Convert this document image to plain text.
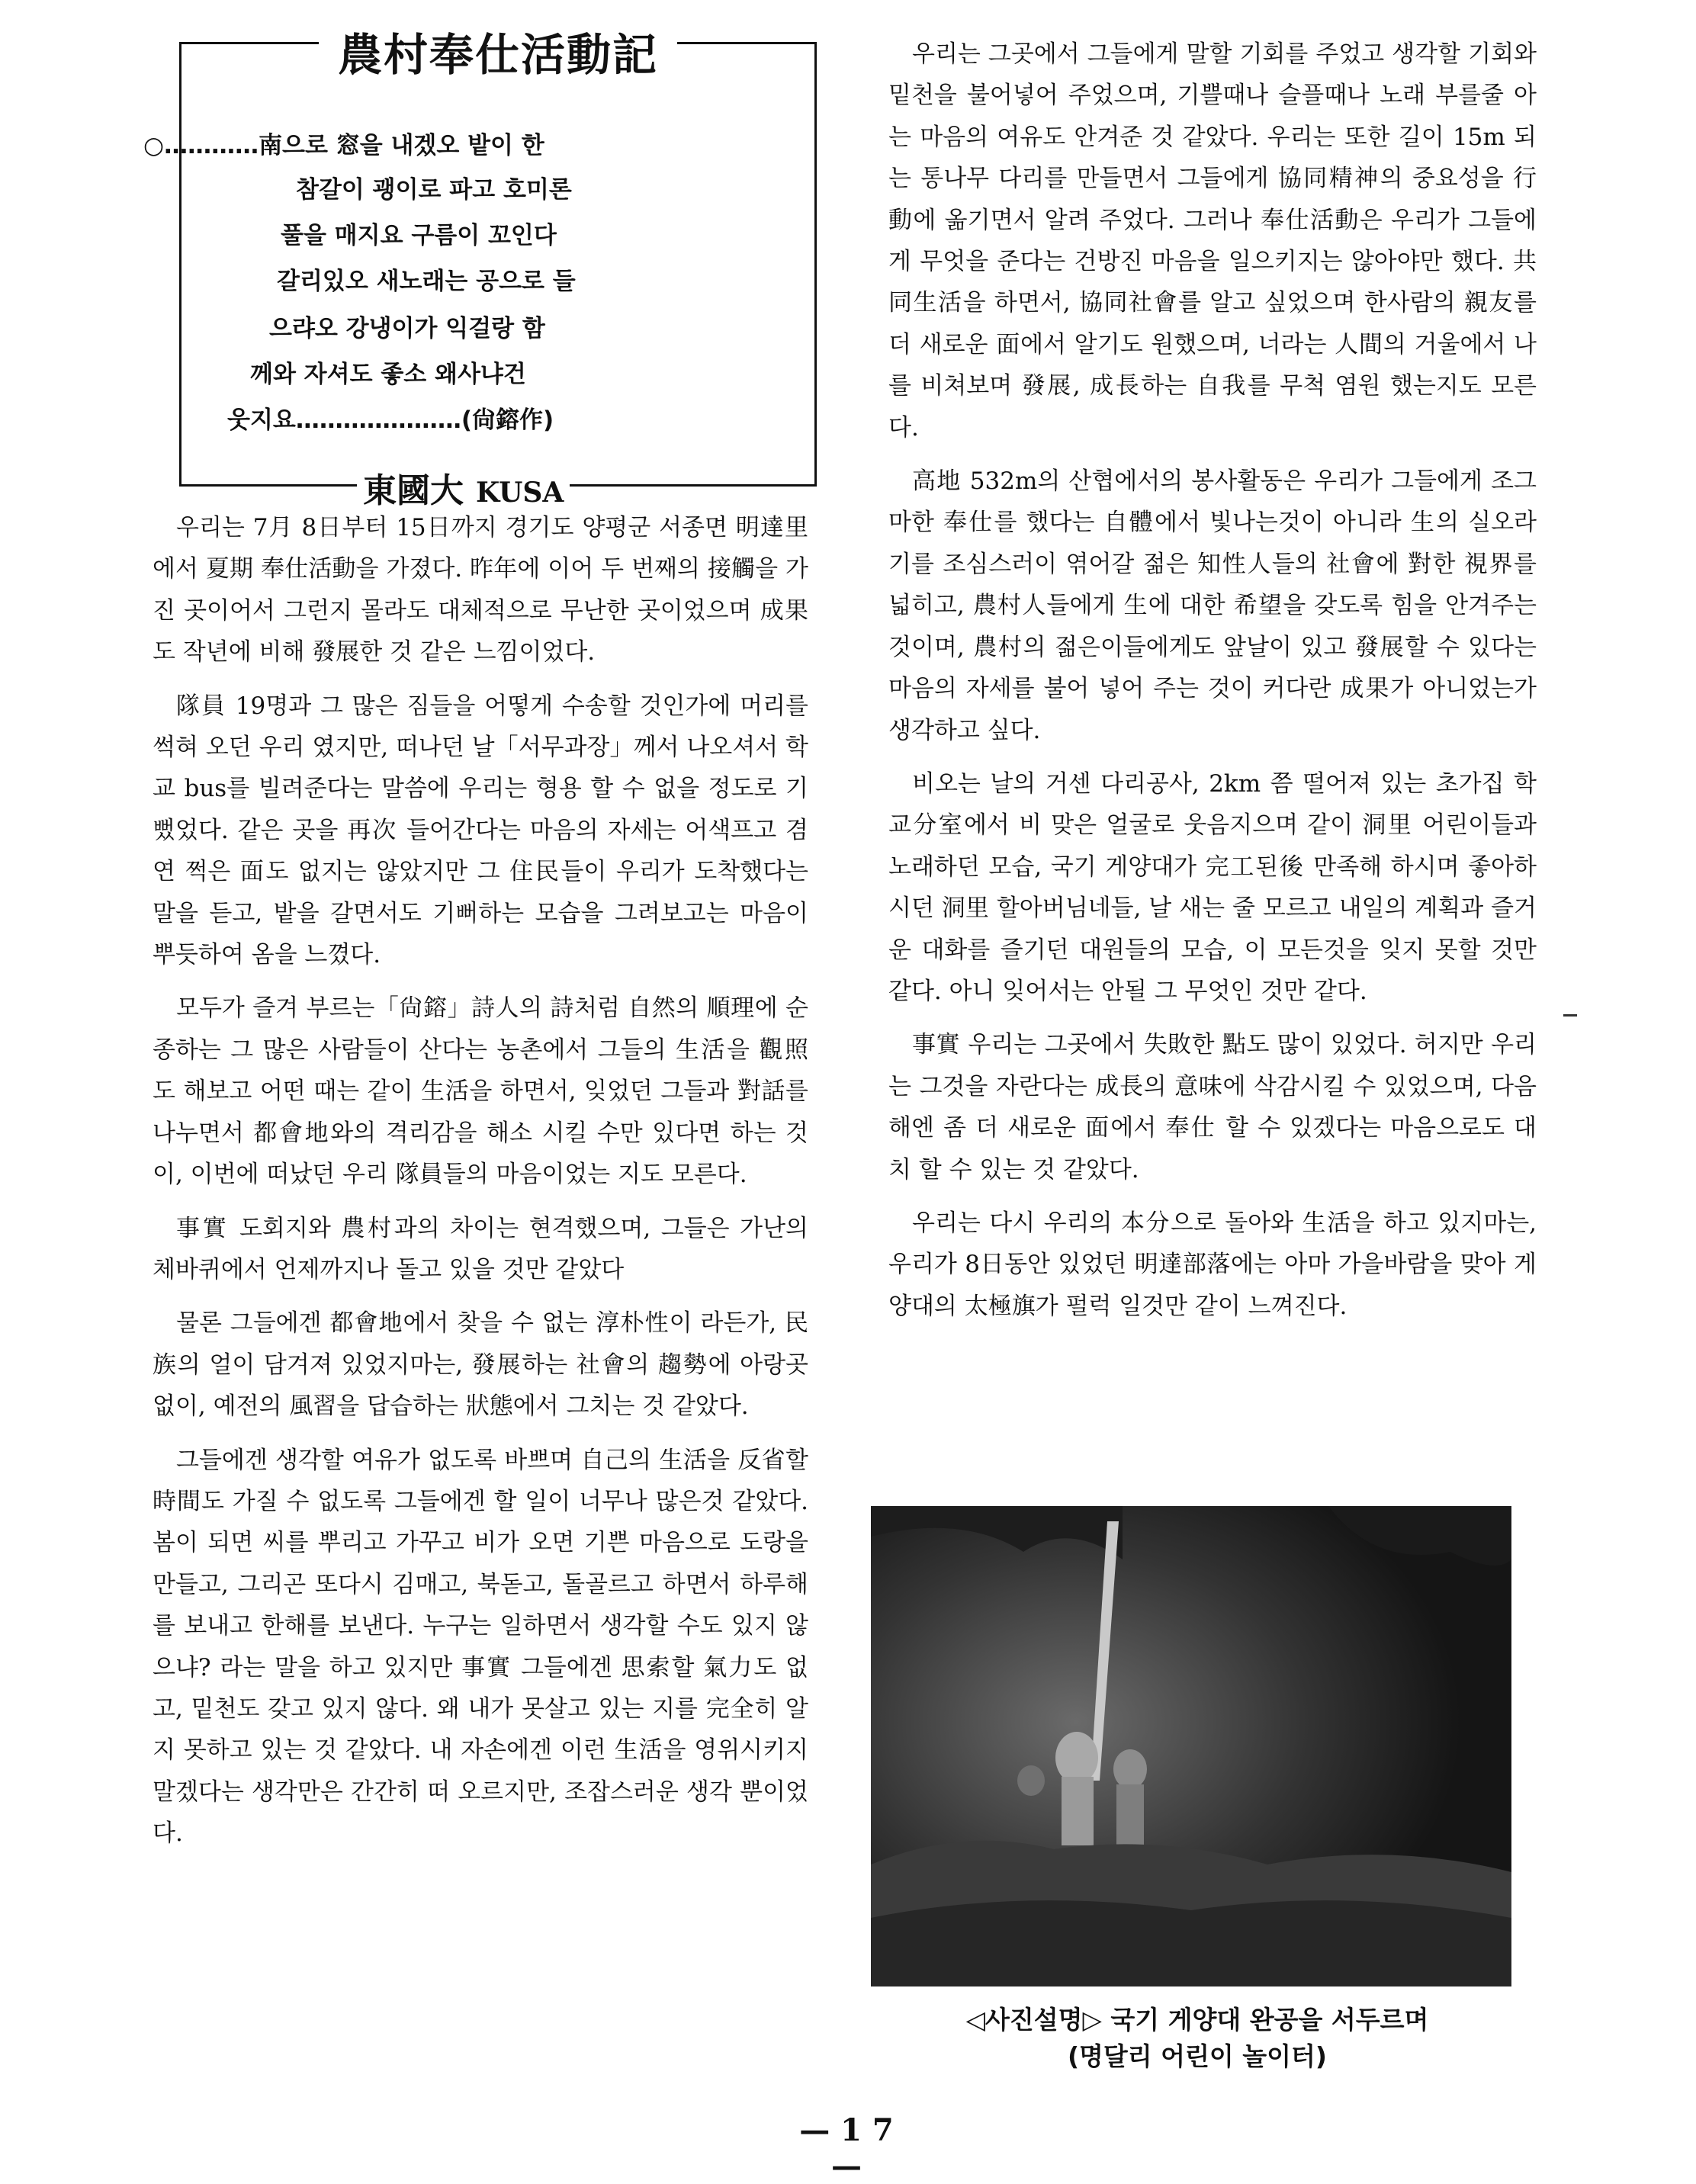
農村奉仕活動記
○…………南으로 窓을 내겠오 밭이 한
참갈이 괭이로 파고 호미론
풀을 매지요 구름이 꼬인다
갈리있오 새노래는 공으로 들
으랴오 강냉이가 익걸랑 함
께와 자셔도 좋소 왜사냐건
웃지요…………………(尙鎔作)
東國大 KUSA

우리는 7月 8日부터 15日까지 경기도 양평군 서종면 明達里에서 夏期 奉仕活動을 가졌다. 昨年에 이어 두 번째의 接觸을 가진 곳이어서 그런지 몰라도 대체적으로 무난한 곳이었으며 成果도 작년에 비해 發展한 것 같은 느낌이었다.

隊員 19명과 그 많은 짐들을 어떻게 수송할 것인가에 머리를 썩혀 오던 우리 였지만, 떠나던 날「서무과장」께서 나오셔서 학교 bus를 빌려준다는 말씀에 우리는 형용 할 수 없을 정도로 기뻤었다. 같은 곳을 再次 들어간다는 마음의 자세는 어색프고 겸연 쩍은 面도 없지는 않았지만 그 住民들이 우리가 도착했다는 말을 듣고, 밭을 갈면서도 기뻐하는 모습을 그려보고는 마음이 뿌듯하여 옴을 느꼈다.

모두가 즐겨 부르는「尙鎔」詩人의 詩처럼 自然의 順理에 순종하는 그 많은 사람들이 산다는 농촌에서 그들의 生活을 觀照도 해보고 어떤 때는 같이 生活을 하면서, 잊었던 그들과 對話를 나누면서 都會地와의 격리감을 해소 시킬 수만 있다면 하는 것이, 이번에 떠났던 우리 隊員들의 마음이었는 지도 모른다.

事實 도회지와 農村과의 차이는 현격했으며, 그들은 가난의 체바퀴에서 언제까지나 돌고 있을 것만 같았다

물론 그들에겐 都會地에서 찾을 수 없는 淳朴性이 라든가, 民族의 얼이 담겨져 있었지마는, 發展하는 社會의 趨勢에 아랑곳 없이, 예전의 風習을 답습하는 狀態에서 그치는 것 같았다.

그들에겐 생각할 여유가 없도록 바쁘며 自己의 生活을 反省할 時間도 가질 수 없도록 그들에겐 할 일이 너무나 많은것 같았다. 봄이 되면 씨를 뿌리고 가꾸고 비가 오면 기쁜 마음으로 도랑을 만들고, 그리곤 또다시 김매고, 북돋고, 돌골르고 하면서 하루해를 보내고 한해를 보낸다. 누구는 일하면서 생각할 수도 있지 않으냐? 라는 말을 하고 있지만 事實 그들에겐 思索할 氣力도 없고, 밑천도 갖고 있지 않다. 왜 내가 못살고 있는 지를 完全히 알지 못하고 있는 것 같았다. 내 자손에겐 이런 生活을 영위시키지 말겠다는 생각만은 간간히 떠 오르지만, 조잡스러운 생각 뿐이었다.

우리는 그곳에서 그들에게 말할 기회를 주었고 생각할 기회와 밑천을 불어넣어 주었으며, 기쁠때나 슬플때나 노래 부를줄 아는 마음의 여유도 안겨준 것 같았다. 우리는 또한 길이 15m 되는 통나무 다리를 만들면서 그들에게 協同精神의 중요성을 行動에 옮기면서 알려 주었다. 그러나 奉仕活動은 우리가 그들에게 무엇을 준다는 건방진 마음을 일으키지는 않아야만 했다. 共同生活을 하면서, 協同社會를 알고 싶었으며 한사람의 親友를 더 새로운 面에서 알기도 원했으며, 너라는 人間의 거울에서 나를 비쳐보며 發展, 成長하는 自我를 무척 염원 했는지도 모른다.

高地 532m의 산협에서의 봉사활동은 우리가 그들에게 조그마한 奉仕를 했다는 自體에서 빛나는것이 아니라 生의 실오라기를 조심스러이 엮어갈 젊은 知性人들의 社會에 對한 視界를 넓히고, 農村人들에게 生에 대한 希望을 갖도록 힘을 안겨주는 것이며, 農村의 젊은이들에게도 앞날이 있고 發展할 수 있다는 마음의 자세를 불어 넣어 주는 것이 커다란 成果가 아니었는가 생각하고 싶다.

비오는 날의 거센 다리공사, 2km 쯤 떨어져 있는 초가집 학교分室에서 비 맞은 얼굴로 웃음지으며 같이 洞里 어린이들과 노래하던 모습, 국기 게양대가 完工된後 만족해 하시며 좋아하시던 洞里 할아버님네들, 날 새는 줄 모르고 내일의 계획과 즐거운 대화를 즐기던 대원들의 모습, 이 모든것을 잊지 못할 것만 같다. 아니 잊어서는 안될 그 무엇인 것만 같다.

事實 우리는 그곳에서 失敗한 點도 많이 있었다. 허지만 우리는 그것을 자란다는 成長의 意味에 삭감시킬 수 있었으며, 다음 해엔 좀 더 새로운 面에서 奉仕 할 수 있겠다는 마음으로도 대치 할 수 있는 것 같았다.

우리는 다시 우리의 本分으로 돌아와 生活을 하고 있지마는, 우리가 8日동안 있었던 明達部落에는 아마 가을바람을 맞아 게양대의 太極旗가 펄럭 일것만 같이 느껴진다.

◁사진설명▷ 국기 게양대 완공을 서두르며
(명달리 어린이 놀이터)
— 1 7 —
